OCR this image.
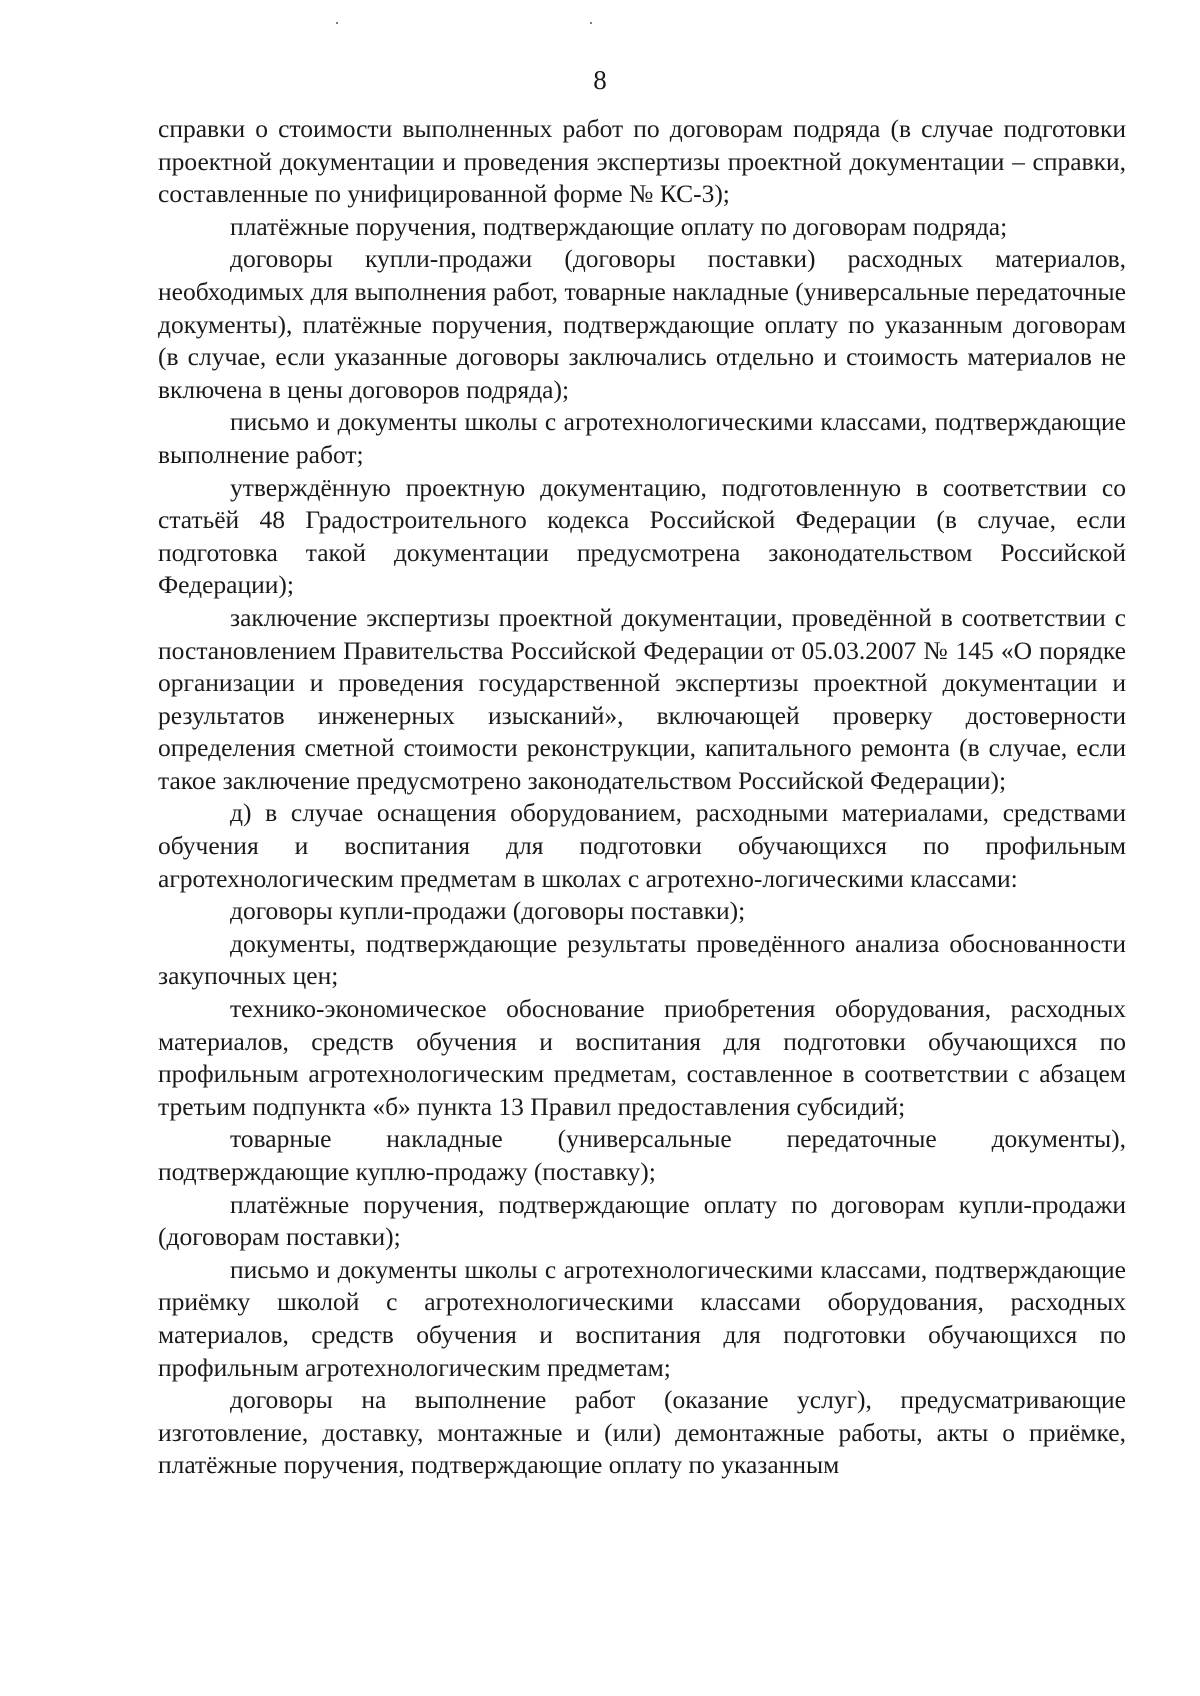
8

справки о стоимости выполненных работ по договорам подряда (в случае подготовки проектной документации и проведения экспертизы проектной документации – справки, составленные по унифицированной форме № КС-3);

платёжные поручения, подтверждающие оплату по договорам подряда;

договоры купли-продажи (договоры поставки) расходных материалов, необходимых для выполнения работ, товарные накладные (универсальные передаточные документы), платёжные поручения, подтверждающие оплату по указанным договорам (в случае, если указанные договоры заключались отдельно и стоимость материалов не включена в цены договоров подряда);

письмо и документы школы с агротехнологическими классами, подтверждающие выполнение работ;

утверждённую проектную документацию, подготовленную в соответствии со статьёй 48 Градостроительного кодекса Российской Федерации (в случае, если подготовка такой документации предусмотрена законодательством Российской Федерации);

заключение экспертизы проектной документации, проведённой в соответствии с постановлением Правительства Российской Федерации от 05.03.2007 № 145 «О порядке организации и проведения государственной экспертизы проектной документации и результатов инженерных изысканий», включающей проверку достоверности определения сметной стоимости реконструкции, капитального ремонта (в случае, если такое заключение предусмотрено законодательством Российской Федерации);

д) в случае оснащения оборудованием, расходными материалами, средствами обучения и воспитания для подготовки обучающихся по профильным агротехнологическим предметам в школах с агротехно-логическими классами:

договоры купли-продажи (договоры поставки);

документы, подтверждающие результаты проведённого анализа обоснованности закупочных цен;

технико-экономическое обоснование приобретения оборудования, расходных материалов, средств обучения и воспитания для подготовки обучающихся по профильным агротехнологическим предметам, составленное в соответствии с абзацем третьим подпункта «б» пункта 13 Правил предоставления субсидий;

товарные накладные (универсальные передаточные документы), подтверждающие куплю-продажу (поставку);

платёжные поручения, подтверждающие оплату по договорам купли-продажи (договорам поставки);

письмо и документы школы с агротехнологическими классами, подтверждающие приёмку школой с агротехнологическими классами оборудования, расходных материалов, средств обучения и воспитания для подготовки обучающихся по профильным агротехнологическим предметам;

договоры на выполнение работ (оказание услуг), предусматривающие изготовление, доставку, монтажные и (или) демонтажные работы, акты о приёмке, платёжные поручения, подтверждающие оплату по указанным
